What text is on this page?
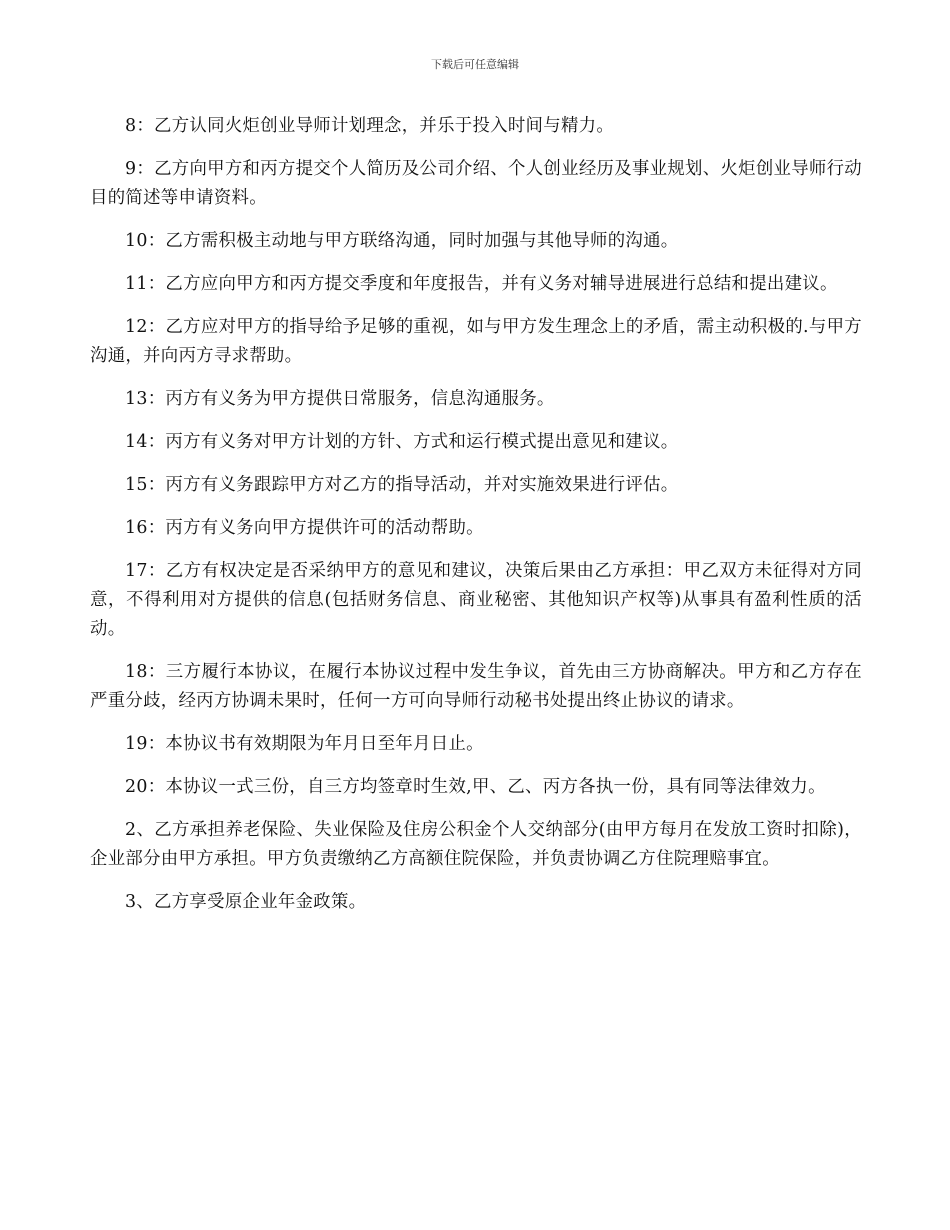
下载后可任意编辑

8：乙方认同火炬创业导师计划理念，并乐于投入时间与精力。

9：乙方向甲方和丙方提交个人简历及公司介绍、个人创业经历及事业规划、火炬创业导师行动目的简述等申请资料。

10：乙方需积极主动地与甲方联络沟通，同时加强与其他导师的沟通。

11：乙方应向甲方和丙方提交季度和年度报告，并有义务对辅导进展进行总结和提出建议。

12：乙方应对甲方的指导给予足够的重视，如与甲方发生理念上的矛盾，需主动积极的.与甲方沟通，并向丙方寻求帮助。

13：丙方有义务为甲方提供日常服务，信息沟通服务。

14：丙方有义务对甲方计划的方针、方式和运行模式提出意见和建议。

15：丙方有义务跟踪甲方对乙方的指导活动，并对实施效果进行评估。

16：丙方有义务向甲方提供许可的活动帮助。

17：乙方有权决定是否采纳甲方的意见和建议，决策后果由乙方承担：甲乙双方未征得对方同意，不得利用对方提供的信息(包括财务信息、商业秘密、其他知识产权等)从事具有盈利性质的活动。

18：三方履行本协议，在履行本协议过程中发生争议，首先由三方协商解决。甲方和乙方存在严重分歧，经丙方协调未果时，任何一方可向导师行动秘书处提出终止协议的请求。

19：本协议书有效期限为年月日至年月日止。

20：本协议一式三份，自三方均签章时生效,甲、乙、丙方各执一份，具有同等法律效力。

2、乙方承担养老保险、失业保险及住房公积金个人交纳部分(由甲方每月在发放工资时扣除)，企业部分由甲方承担。甲方负责缴纳乙方高额住院保险，并负责协调乙方住院理赔事宜。

3、乙方享受原企业年金政策。
